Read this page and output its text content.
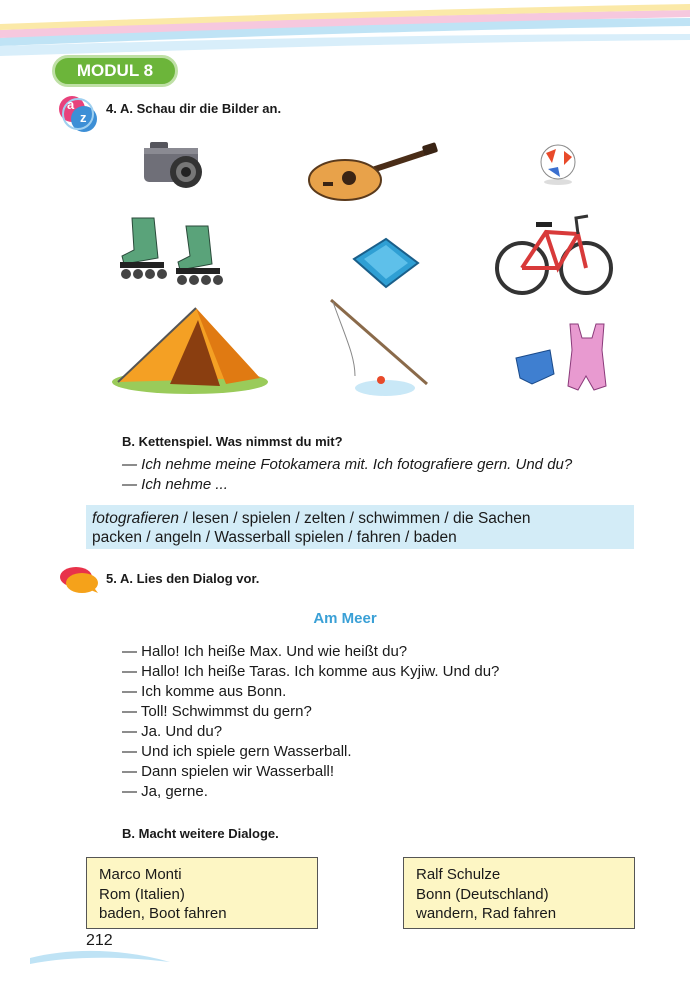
MODUL 8
a
z
4. A. Schau dir die Bilder an.
B. Kettenspiel. Was nimmst du mit?
— Ich nehme meine Fotokamera mit. Ich fotografiere gern. Und du?
— Ich nehme ...
fotografieren / lesen / spielen / zelten / schwimmen / die Sachen
packen / angeln / Wasserball spielen / fahren / baden
5. A. Lies den Dialog vor.
Am Meer
— Hallo! Ich heiße Max. Und wie heißt du?
— Hallo! Ich heiße Taras. Ich komme aus Kyjiw. Und du?
— Ich komme aus Bonn.
— Toll! Schwimmst du gern?
— Ja. Und du?
— Und ich spiele gern Wasserball.
— Dann spielen wir Wasserball!
— Ja, gerne.
B. Macht weitere Dialoge.
Marco Monti
Rom (Italien)
baden, Boot fahren
Ralf Schulze
Bonn (Deutschland)
wandern, Rad fahren
212
